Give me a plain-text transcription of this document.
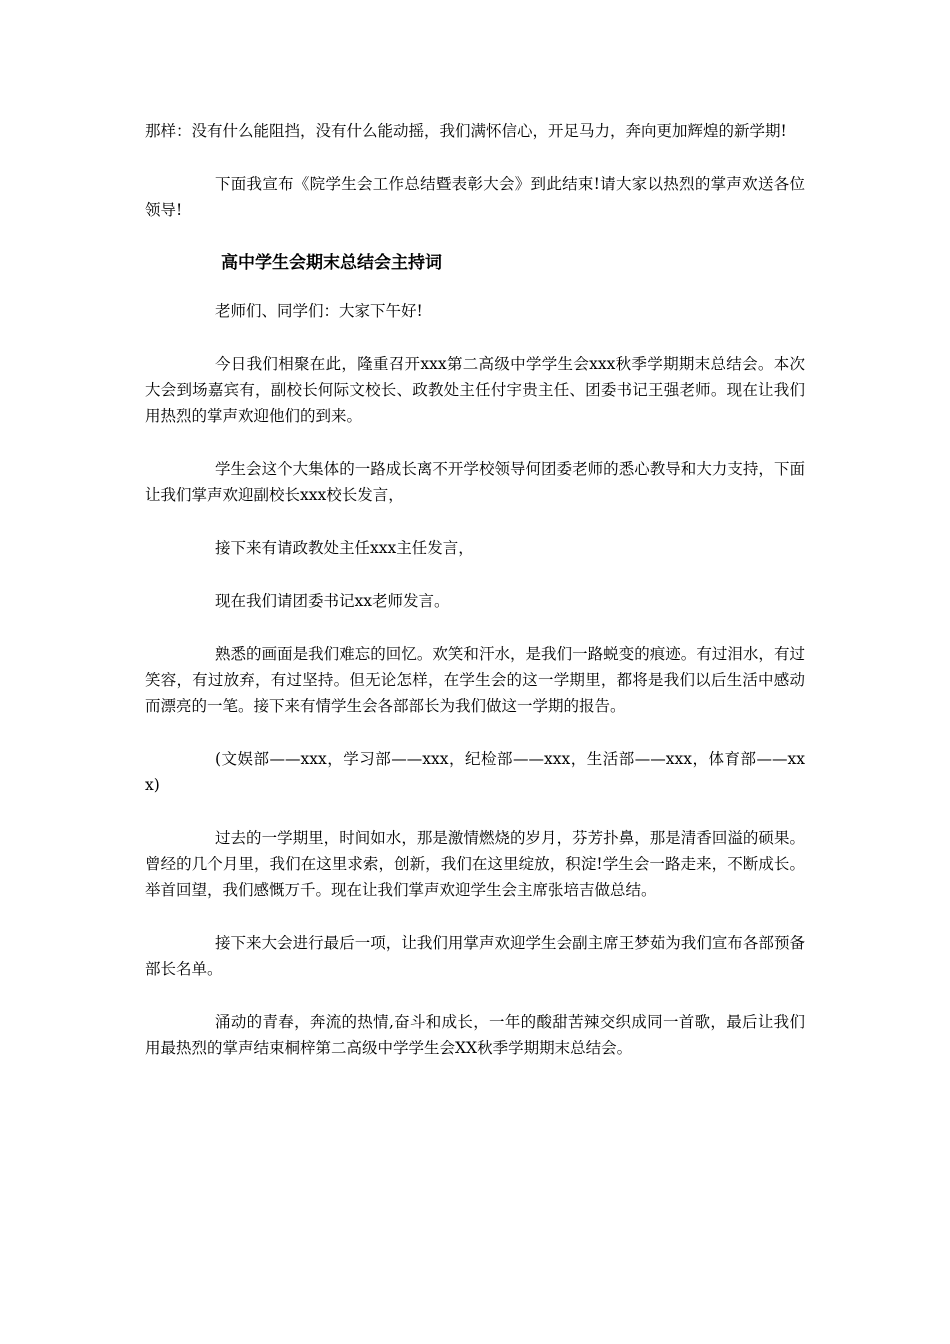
那样：没有什么能阻挡，没有什么能动摇，我们满怀信心，开足马力，奔向更加辉煌的新学期!

下面我宣布《院学生会工作总结暨表彰大会》到此结束!请大家以热烈的掌声欢送各位领导!

高中学生会期末总结会主持词

老师们、同学们：大家下午好!

今日我们相聚在此，隆重召开xxx第二高级中学学生会xxx秋季学期期末总结会。本次大会到场嘉宾有，副校长何际文校长、政教处主任付宇贵主任、团委书记王强老师。现在让我们用热烈的掌声欢迎他们的到来。

学生会这个大集体的一路成长离不开学校领导何团委老师的悉心教导和大力支持，下面让我们掌声欢迎副校长xxx校长发言，

接下来有请政教处主任xxx主任发言，

现在我们请团委书记xx老师发言。

熟悉的画面是我们难忘的回忆。欢笑和汗水，是我们一路蜕变的痕迹。有过泪水，有过笑容，有过放弃，有过坚持。但无论怎样，在学生会的这一学期里，都将是我们以后生活中感动而漂亮的一笔。接下来有情学生会各部部长为我们做这一学期的报告。

(文娱部——xxx，学习部——xxx，纪检部——xxx，生活部——xxx，体育部——xxx)

过去的一学期里，时间如水，那是激情燃烧的岁月，芬芳扑鼻，那是清香回溢的硕果。曾经的几个月里，我们在这里求索，创新，我们在这里绽放，积淀!学生会一路走来，不断成长。举首回望，我们感慨万千。现在让我们掌声欢迎学生会主席张培吉做总结。

接下来大会进行最后一项，让我们用掌声欢迎学生会副主席王梦茹为我们宣布各部预备部长名单。

涌动的青春，奔流的热情,奋斗和成长，一年的酸甜苦辣交织成同一首歌，最后让我们用最热烈的掌声结束桐梓第二高级中学学生会XX秋季学期期末总结会。
